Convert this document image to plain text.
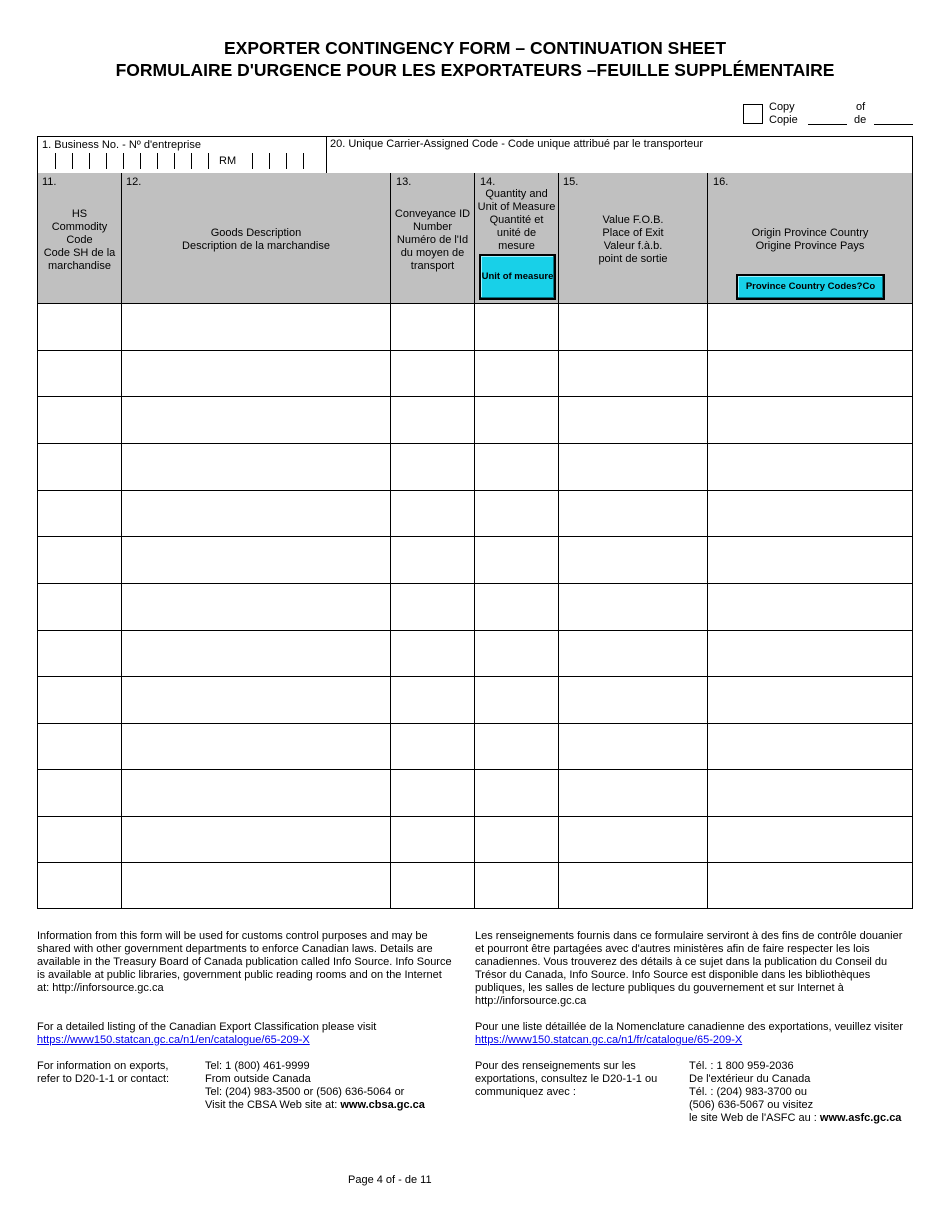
EXPORTER CONTINGENCY FORM – CONTINUATION SHEET
FORMULAIRE D'URGENCE POUR LES EXPORTATEURS –FEUILLE SUPPLÉMENTAIRE
Copy
Copie
of
de
1. Business No. - Nº d'entreprise	20. Unique Carrier-Assigned Code - Code unique attribué par le transporteur
RM
11.
HS
Commodity
Code
Code SH de la
marchandise
12.
Goods Description
Description de la marchandise
13.
Conveyance ID
Number
Numéro de l'Id
du moyen de
transport
14.
Quantity and
Unit of Measure
Quantité et
unité de
mesure
Unit of measure
15.
Value F.O.B.
Place of Exit
Valeur f.à.b.
point de sortie
16.
Origin Province Country
Origine Province Pays
Province Country Codes?Co
Information from this form will be used for customs control purposes and may be shared with other government departments to enforce Canadian laws. Details are available in the Treasury Board of Canada publication called Info Source. Info Source is available at public libraries, government public reading rooms and on the Internet at: http://inforsource.gc.ca
Les renseignements fournis dans ce formulaire serviront à des fins de contrôle douanier et pourront être partagées avec d'autres ministères afin de faire respecter les lois canadiennes. Vous trouverez des détails à ce sujet dans la publication du Conseil du Trésor du Canada, Info Source. Info Source est disponible dans les bibliothèques publiques, les salles de lecture publiques du gouvernement et sur Internet à http://inforsource.gc.ca
For a detailed listing of the Canadian Export Classification please visit
https://www150.statcan.gc.ca/n1/en/catalogue/65-209-X
Pour une liste détaillée de la Nomenclature canadienne des exportations, veuillez visiter
https://www150.statcan.gc.ca/n1/fr/catalogue/65-209-X
For information on exports,
refer to D20-1-1 or contact:
Tel: 1 (800) 461-9999
From outside Canada
Tel: (204) 983-3500 or (506) 636-5064 or
Visit the CBSA Web site at: www.cbsa.gc.ca
Pour des renseignements sur les
exportations, consultez le D20-1-1 ou
communiquez avec :
Tél. : 1 800 959-2036
De l'extérieur du Canada
Tél. : (204) 983-3700 ou
(506) 636-5067 ou visitez
le site Web de l'ASFC au : www.asfc.gc.ca
Page 4 of - de 11
